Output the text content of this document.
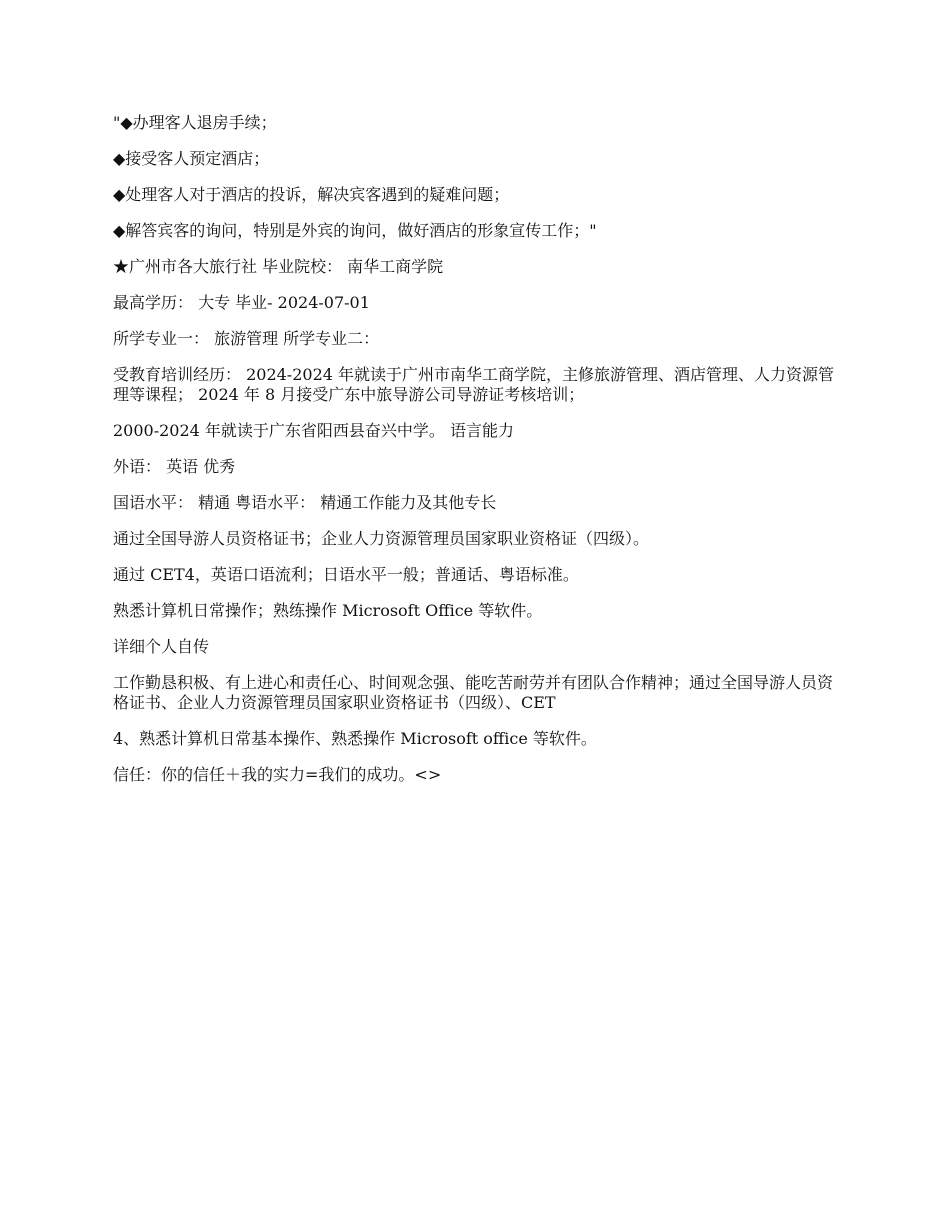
"◆办理客人退房手续；

◆接受客人预定酒店；

◆处理客人对于酒店的投诉，解决宾客遇到的疑难问题；

◆解答宾客的询问，特别是外宾的询问，做好酒店的形象宣传工作；"

★广州市各大旅行社 毕业院校： 南华工商学院

最高学历： 大专 毕业- 2024-07-01

所学专业一： 旅游管理 所学专业二：

受教育培训经历： 2024-2024 年就读于广州市南华工商学院，主修旅游管理、酒店管理、人力资源管理等课程； 2024 年 8 月接受广东中旅导游公司导游证考核培训；

2000-2024 年就读于广东省阳西县奋兴中学。 语言能力

外语： 英语 优秀

国语水平： 精通 粤语水平： 精通工作能力及其他专长

通过全国导游人员资格证书；企业人力资源管理员国家职业资格证（四级）。

通过 CET4，英语口语流利；日语水平一般；普通话、粤语标准。

熟悉计算机日常操作；熟练操作 Microsoft Office 等软件。

详细个人自传

工作勤恳积极、有上进心和责任心、时间观念强、能吃苦耐劳并有团队合作精神；通过全国导游人员资格证书、企业人力资源管理员国家职业资格证书（四级）、CET

4、熟悉计算机日常基本操作、熟悉操作 Microsoft office 等软件。

信任：你的信任＋我的实力=我们的成功。<>
